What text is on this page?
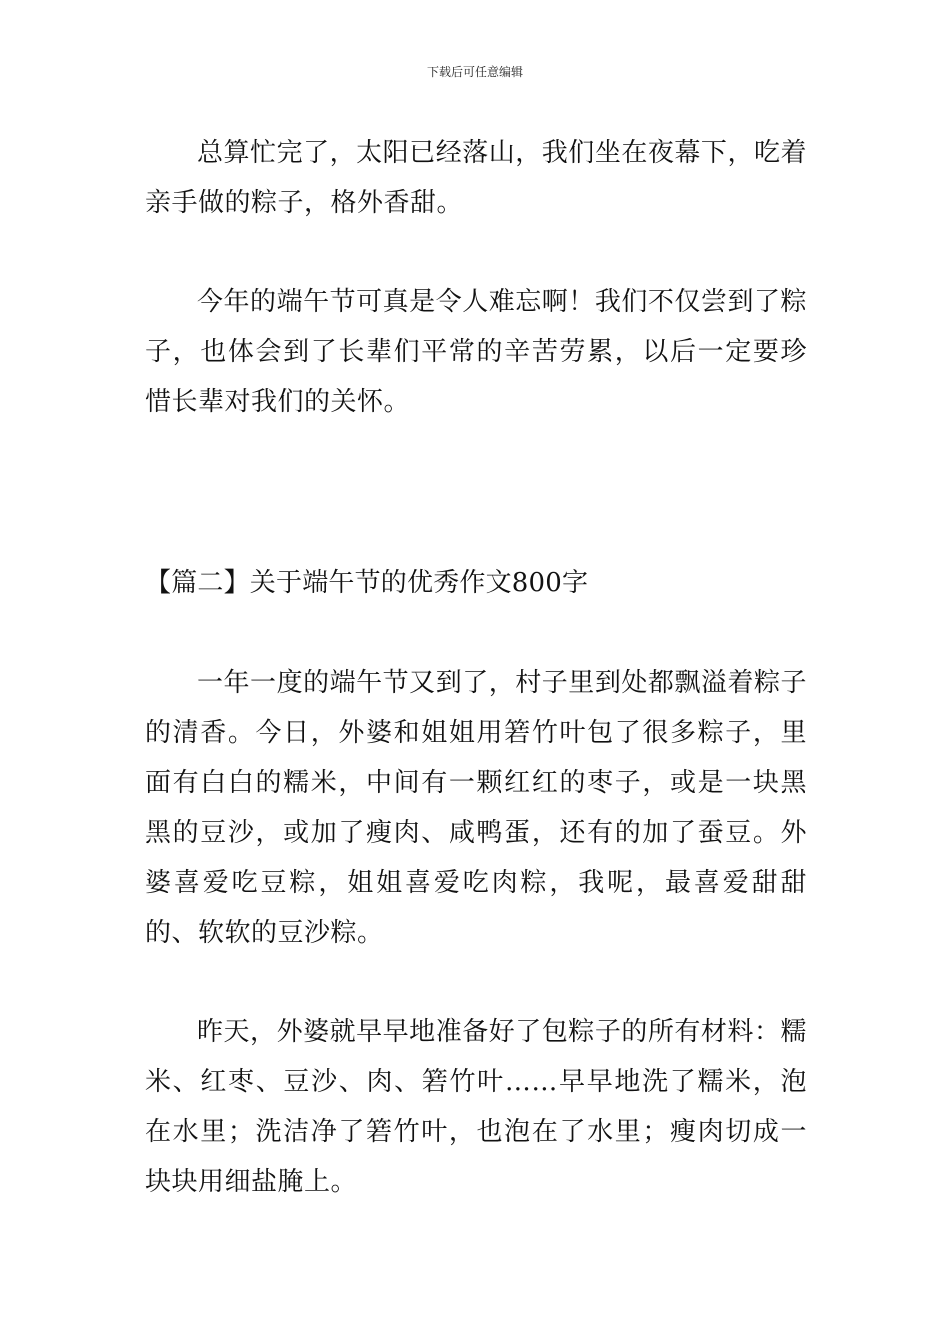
下载后可任意编辑

总算忙完了，太阳已经落山，我们坐在夜幕下，吃着亲手做的粽子，格外香甜。

今年的端午节可真是令人难忘啊！我们不仅尝到了粽子，也体会到了长辈们平常的辛苦劳累，以后一定要珍惜长辈对我们的关怀。

【篇二】关于端午节的优秀作文800字

一年一度的端午节又到了，村子里到处都飘溢着粽子的清香。今日，外婆和姐姐用箬竹叶包了很多粽子，里面有白白的糯米，中间有一颗红红的枣子，或是一块黑黑的豆沙，或加了瘦肉、咸鸭蛋，还有的加了蚕豆。外婆喜爱吃豆粽，姐姐喜爱吃肉粽，我呢，最喜爱甜甜的、软软的豆沙粽。

昨天，外婆就早早地准备好了包粽子的所有材料：糯米、红枣、豆沙、肉、箬竹叶……早早地洗了糯米，泡在水里；洗洁净了箬竹叶，也泡在了水里；瘦肉切成一块块用细盐腌上。
